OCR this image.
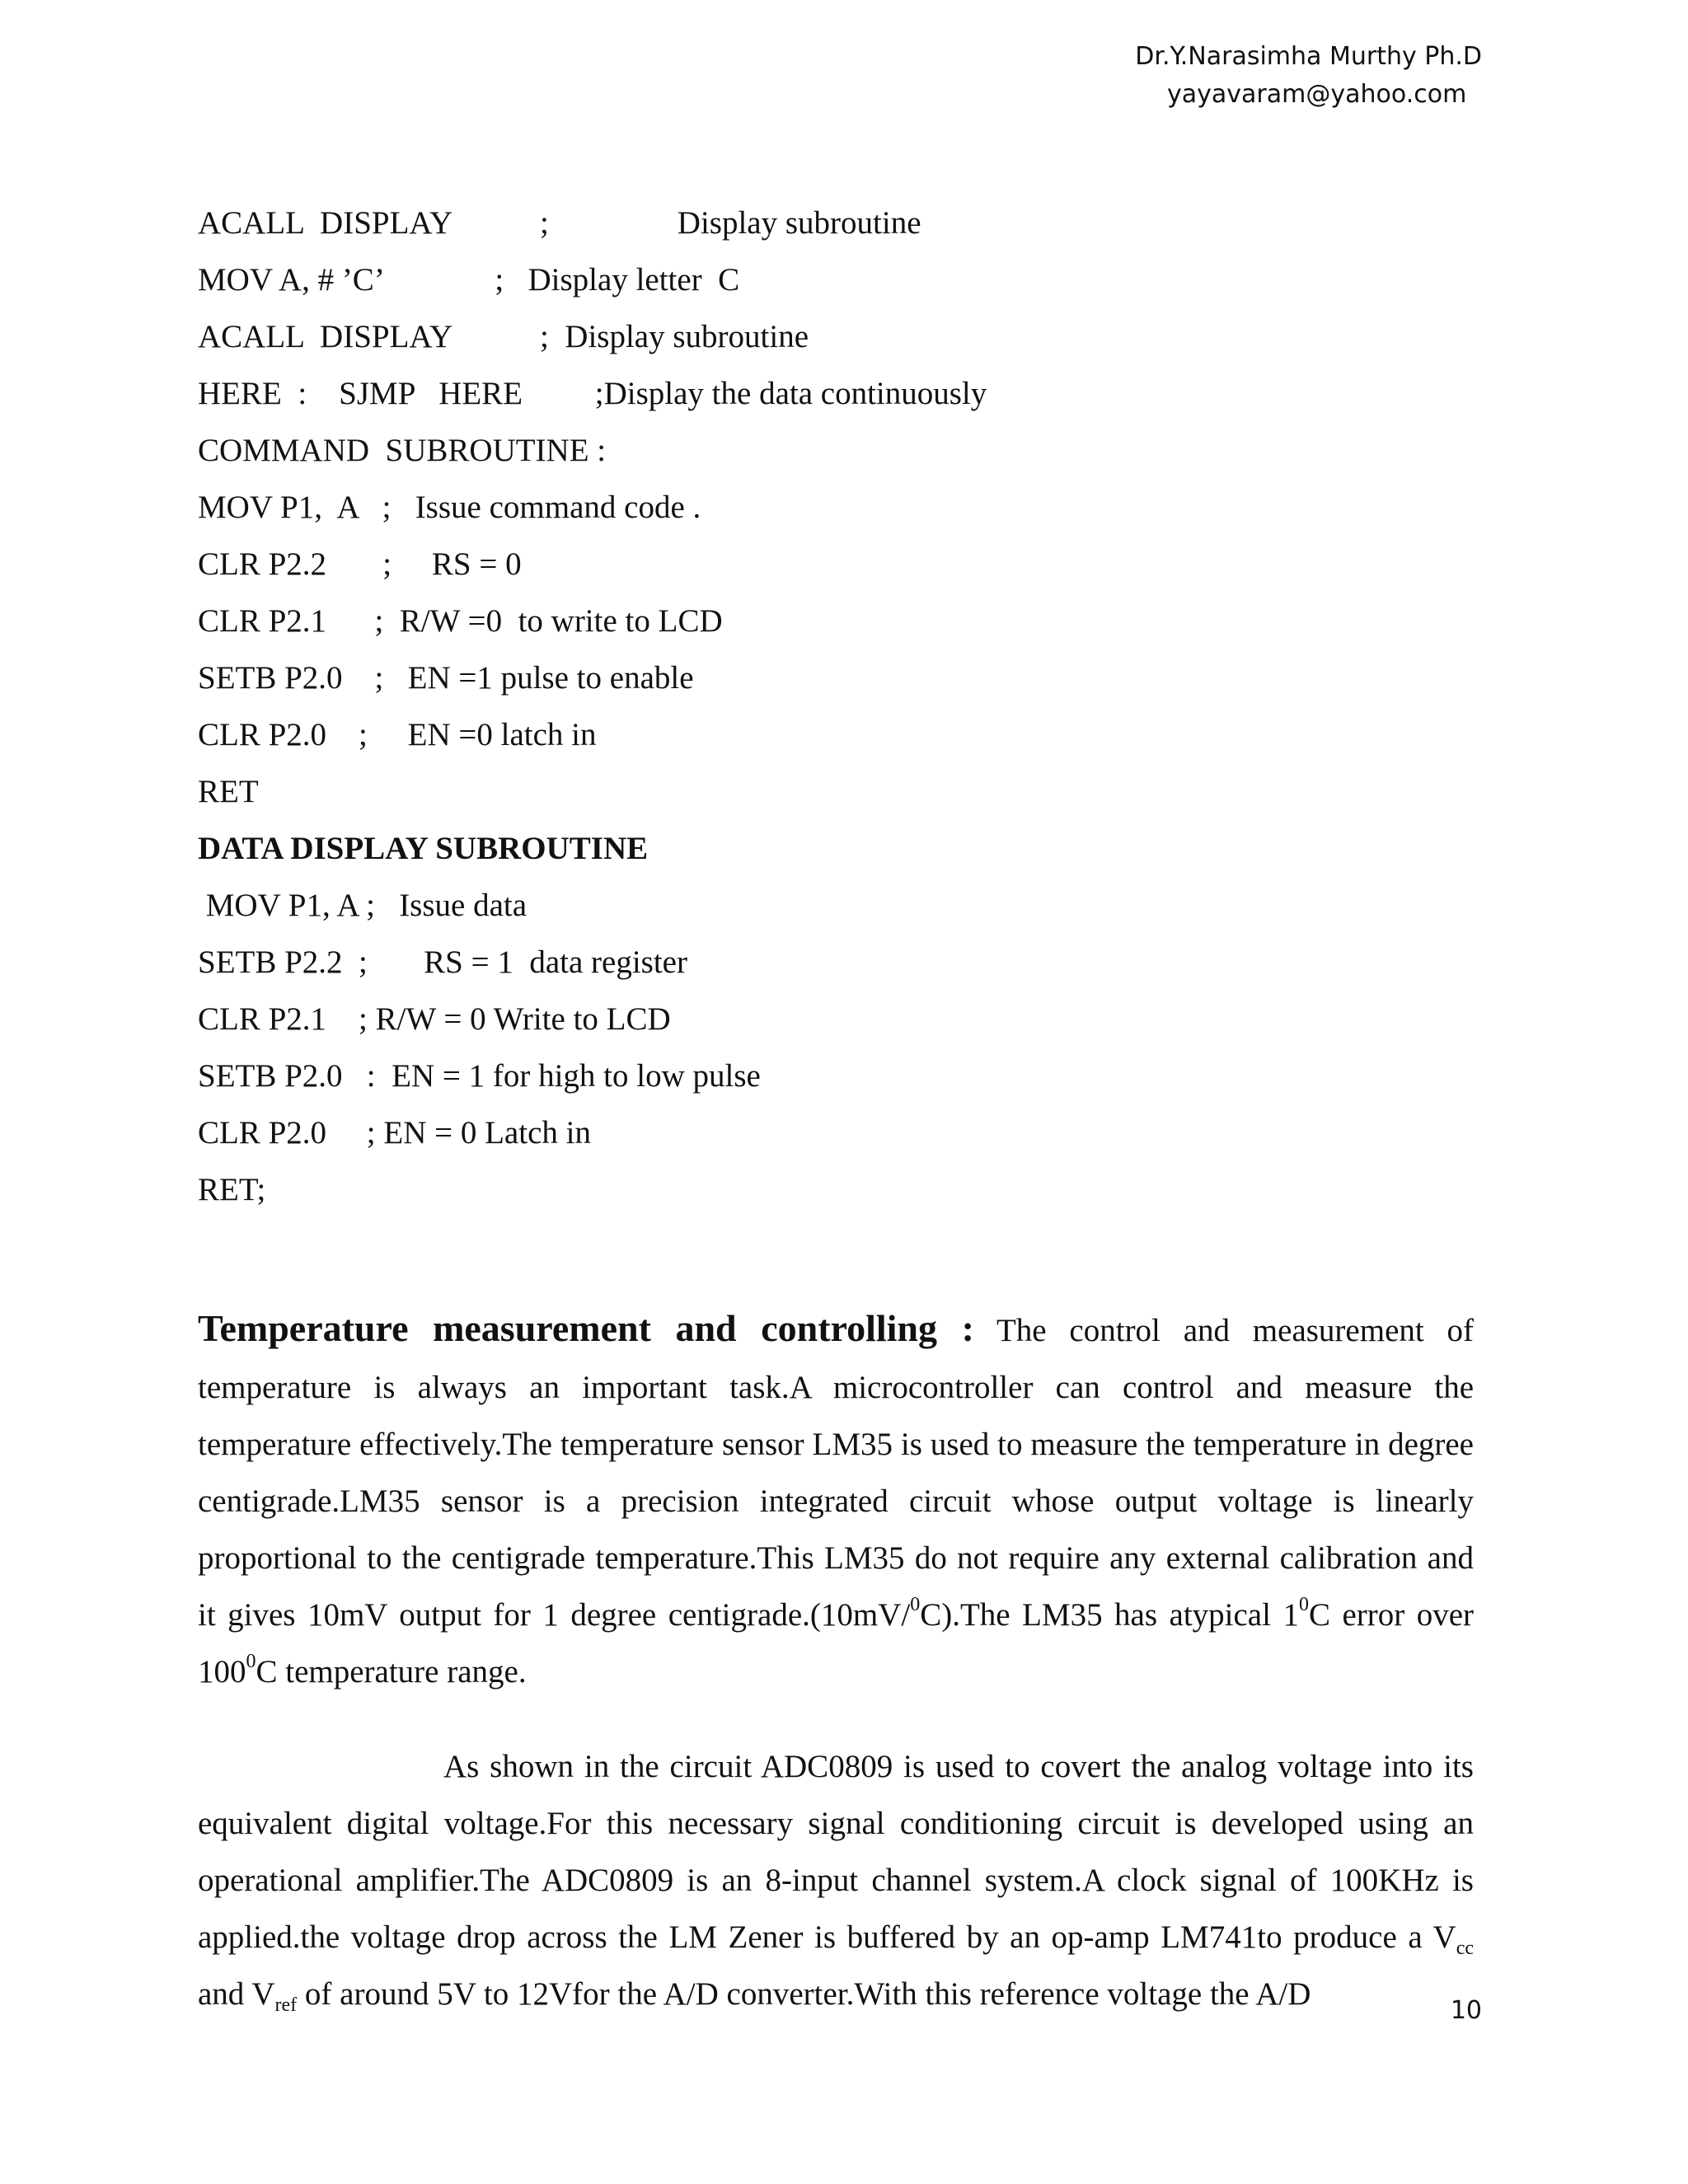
Dr.Y.Narasimha Murthy Ph.D
yayavaram@yahoo.com
ACALL  DISPLAY           ;                Display subroutine
MOV A, # ’C’              ;   Display letter  C
ACALL  DISPLAY           ;  Display subroutine
HERE  :    SJMP   HERE         ;Display the data continuously
COMMAND  SUBROUTINE :
MOV P1,  A   ;   Issue command code .
CLR P2.2       ;     RS = 0
CLR P2.1      ;  R/W =0  to write to LCD
SETB P2.0    ;   EN =1 pulse to enable
CLR P2.0    ;     EN =0 latch in
RET
DATA DISPLAY SUBROUTINE
MOV P1, A ;   Issue data
SETB P2.2  ;       RS = 1  data register
CLR P2.1    ; R/W = 0 Write to LCD
SETB P2.0   :  EN = 1 for high to low pulse
CLR P2.0     ; EN = 0 Latch in
RET;

Temperature measurement and controlling : The control and measurement of temperature is always an important task.A microcontroller can control and measure the temperature effectively.The temperature sensor LM35 is used to measure the temperature in degree centigrade.LM35 sensor is a precision integrated circuit whose output voltage is linearly proportional to the centigrade temperature.This LM35 do not require any external calibration and it gives 10mV output for 1 degree centigrade.(10mV/$^0$C).The LM35 has atypical $1^0C$ error over $100^0C$ temperature range.

As shown in the circuit ADC0809 is used to covert the analog voltage into its equivalent digital voltage.For this necessary signal conditioning circuit is developed using an operational amplifier.The ADC0809 is an 8-input channel system.A clock signal of 100KHz is applied.the voltage drop across the LM Zener is buffered by an op-amp LM741to produce a $V_{cc}$ and $V_{ref}$ of around 5V to 12Vfor the A/D converter.With this reference voltage the A/D	10
